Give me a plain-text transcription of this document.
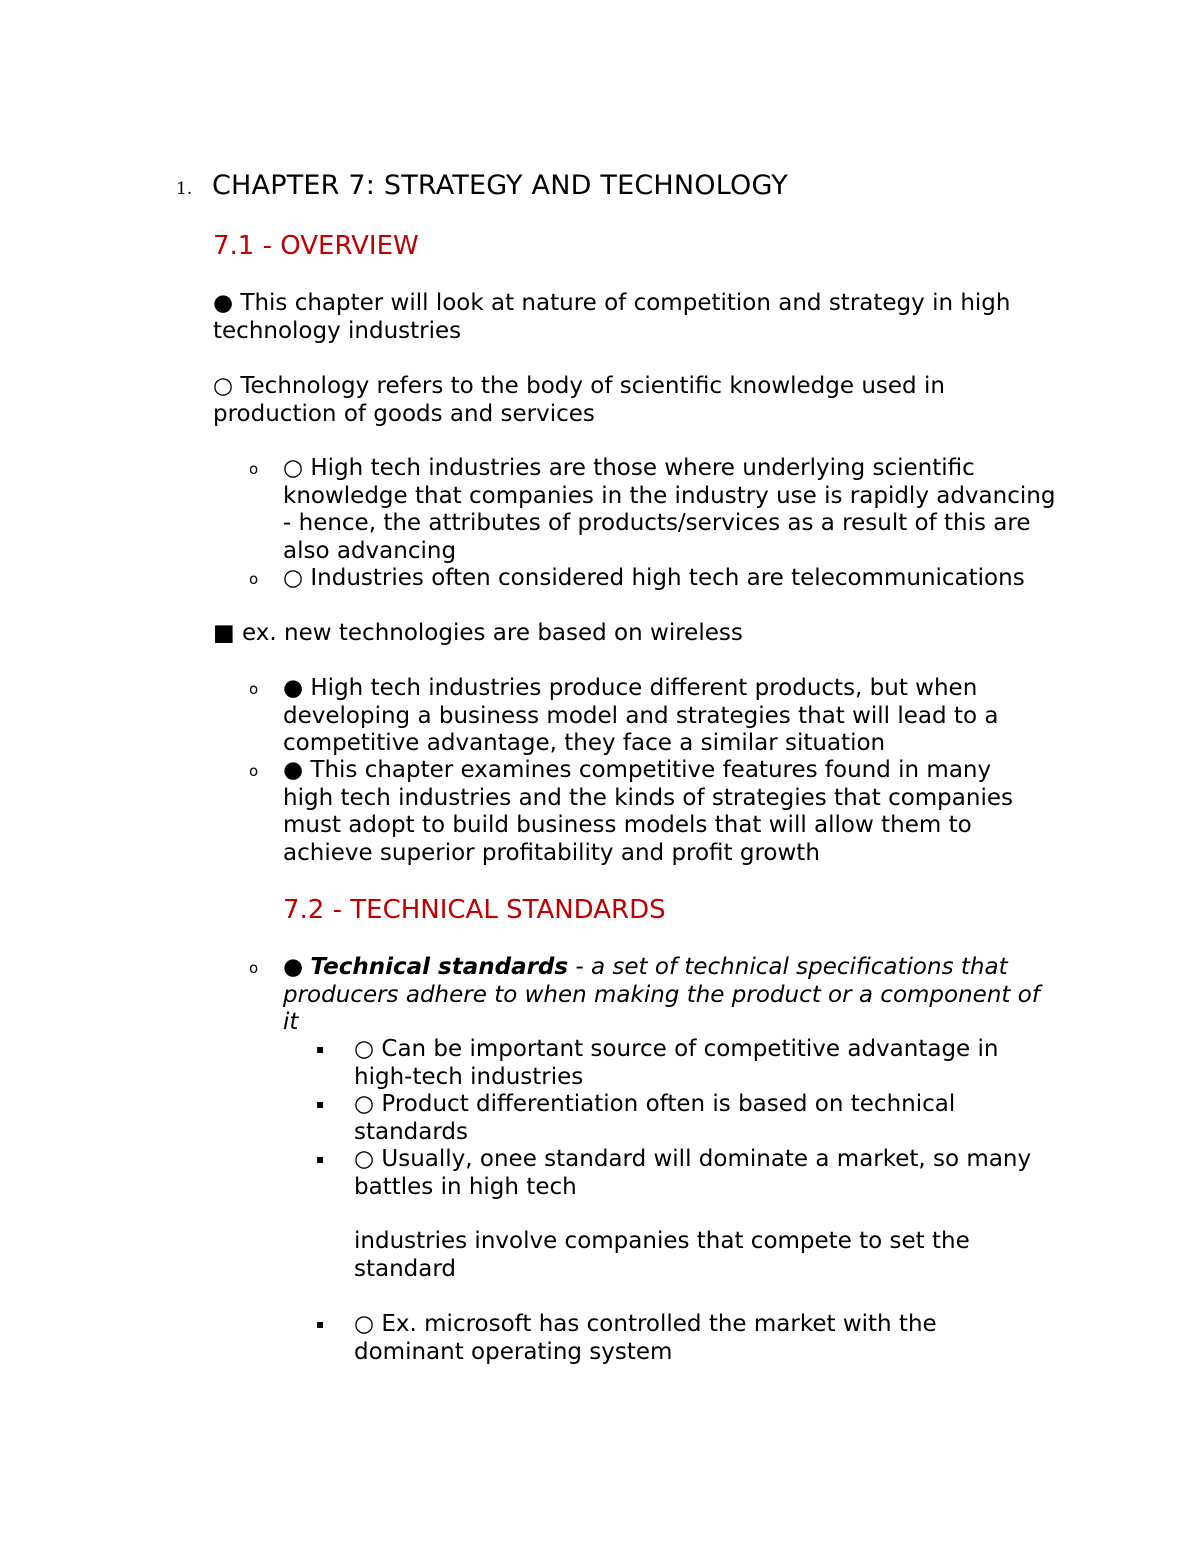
1. CHAPTER 7: STRATEGY AND TECHNOLOGY
7.1 - OVERVIEW
● This chapter will look at nature of competition and strategy in high technology industries
○ Technology refers to the body of scientific knowledge used in production of goods and services
o ○ High tech industries are those where underlying scientific knowledge that companies in the industry use is rapidly advancing - hence, the attributes of products/services as a result of this are also advancing
o ○ Industries often considered high tech are telecommunications
■ ex. new technologies are based on wireless
o ● High tech industries produce different products, but when developing a business model and strategies that will lead to a competitive advantage, they face a similar situation
o ● This chapter examines competitive features found in many high tech industries and the kinds of strategies that companies must adopt to build business models that will allow them to achieve superior profitability and profit growth
7.2 - TECHNICAL STANDARDS
o ● Technical standards - a set of technical specifications that producers adhere to when making the product or a component of it
▪ ○ Can be important source of competitive advantage in high-tech industries
▪ ○ Product differentiation often is based on technical standards
▪ ○ Usually, onee standard will dominate a market, so many battles in high tech
industries involve companies that compete to set the standard
▪ ○ Ex. microsoft has controlled the market with the dominant operating system
